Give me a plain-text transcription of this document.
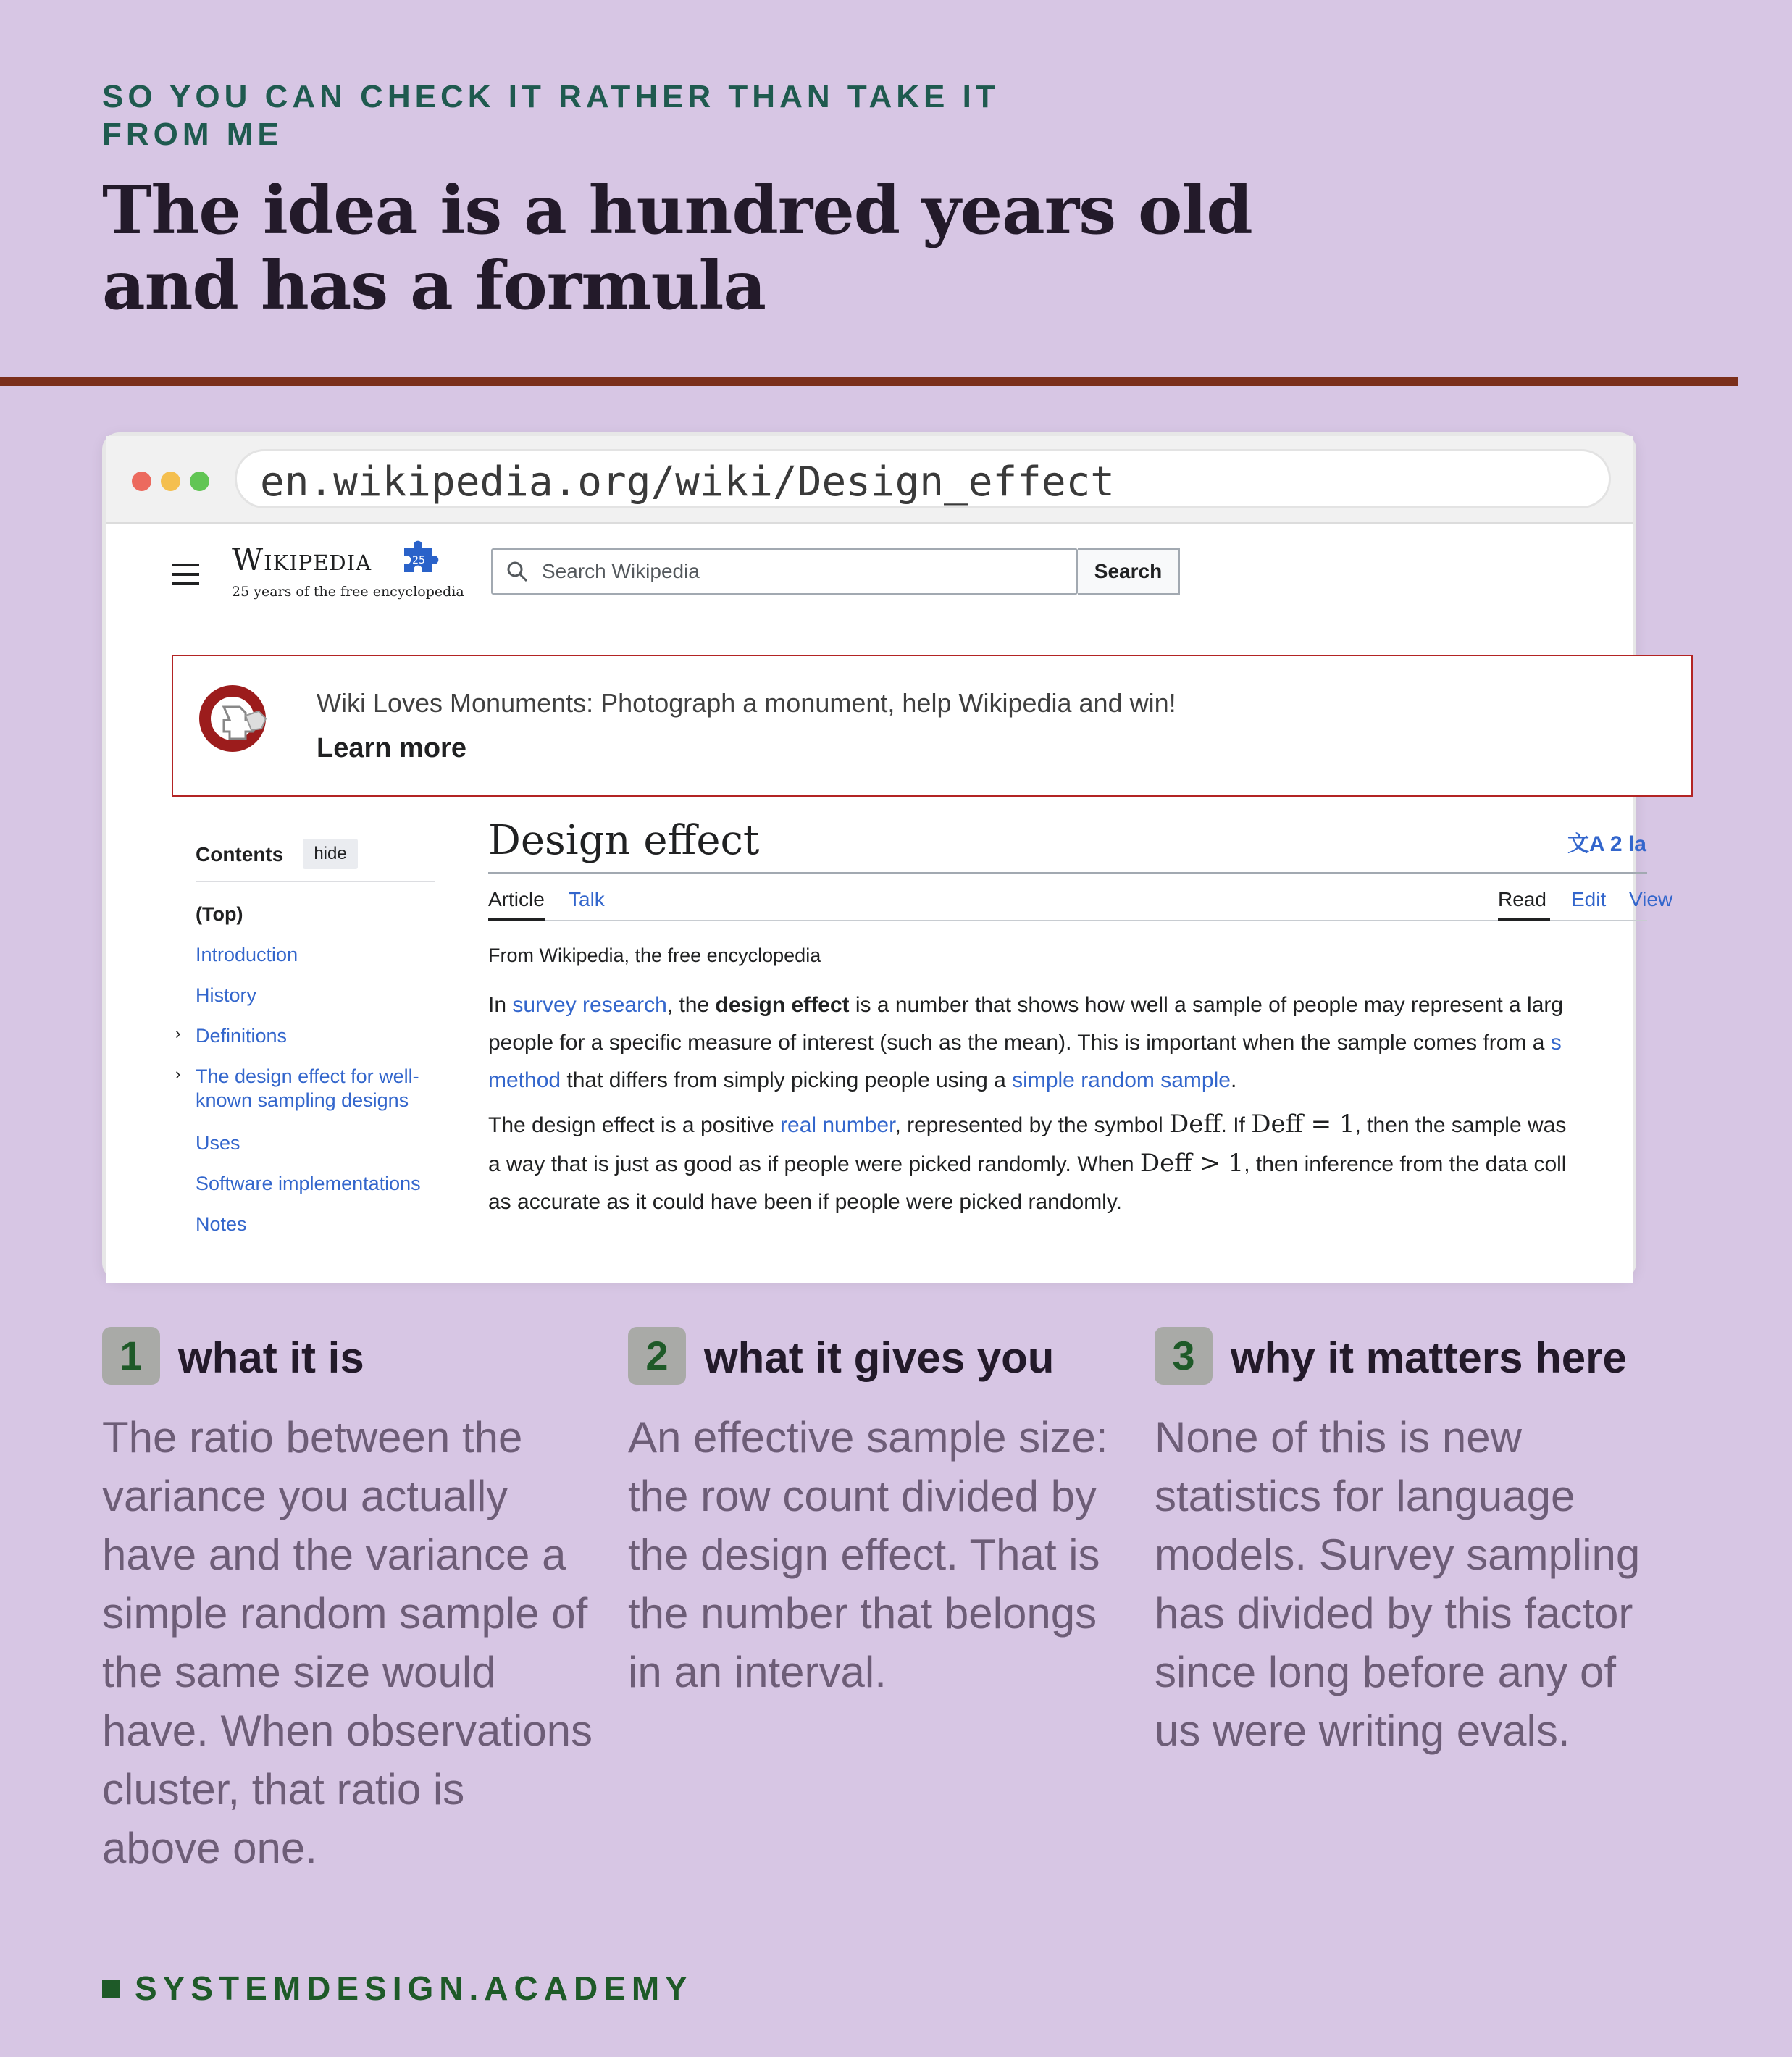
SO YOU CAN CHECK IT RATHER THAN TAKE IT FROM ME
The idea is a hundred years old
and has a formula
en.wikipedia.org/wiki/Design_effect
Wikipedia	25
25 years of the free encyclopedia
Search Wikipedia	Search
Wiki Loves Monuments: Photograph a monument, help Wikipedia and win!
Learn more
Contents	hide
(Top)
Introduction
History
› Definitions
› The design effect for well-known sampling designs
Uses
Software implementations
Notes
Design effect	文A 2 la
Article Talk	Read Edit View
From Wikipedia, the free encyclopedia
In survey research, the design effect is a number that shows how well a sample of people may represent a larg
people for a specific measure of interest (such as the mean). This is important when the sample comes from a s
method that differs from simply picking people using a simple random sample.
The design effect is a positive real number, represented by the symbol Deff. If Deff = 1, then the sample was
a way that is just as good as if people were picked randomly. When Deff > 1, then inference from the data coll
as accurate as it could have been if people were picked randomly.
1 what it is
The ratio between the variance you actually have and the variance a simple random sample of the same size would have. When observations cluster, that ratio is above one.
2 what it gives you
An effective sample size: the row count divided by the design effect. That is the number that belongs in an interval.
3 why it matters here
None of this is new statistics for language models. Survey sampling has divided by this factor since long before any of us were writing evals.
SYSTEMDESIGN.ACADEMY
